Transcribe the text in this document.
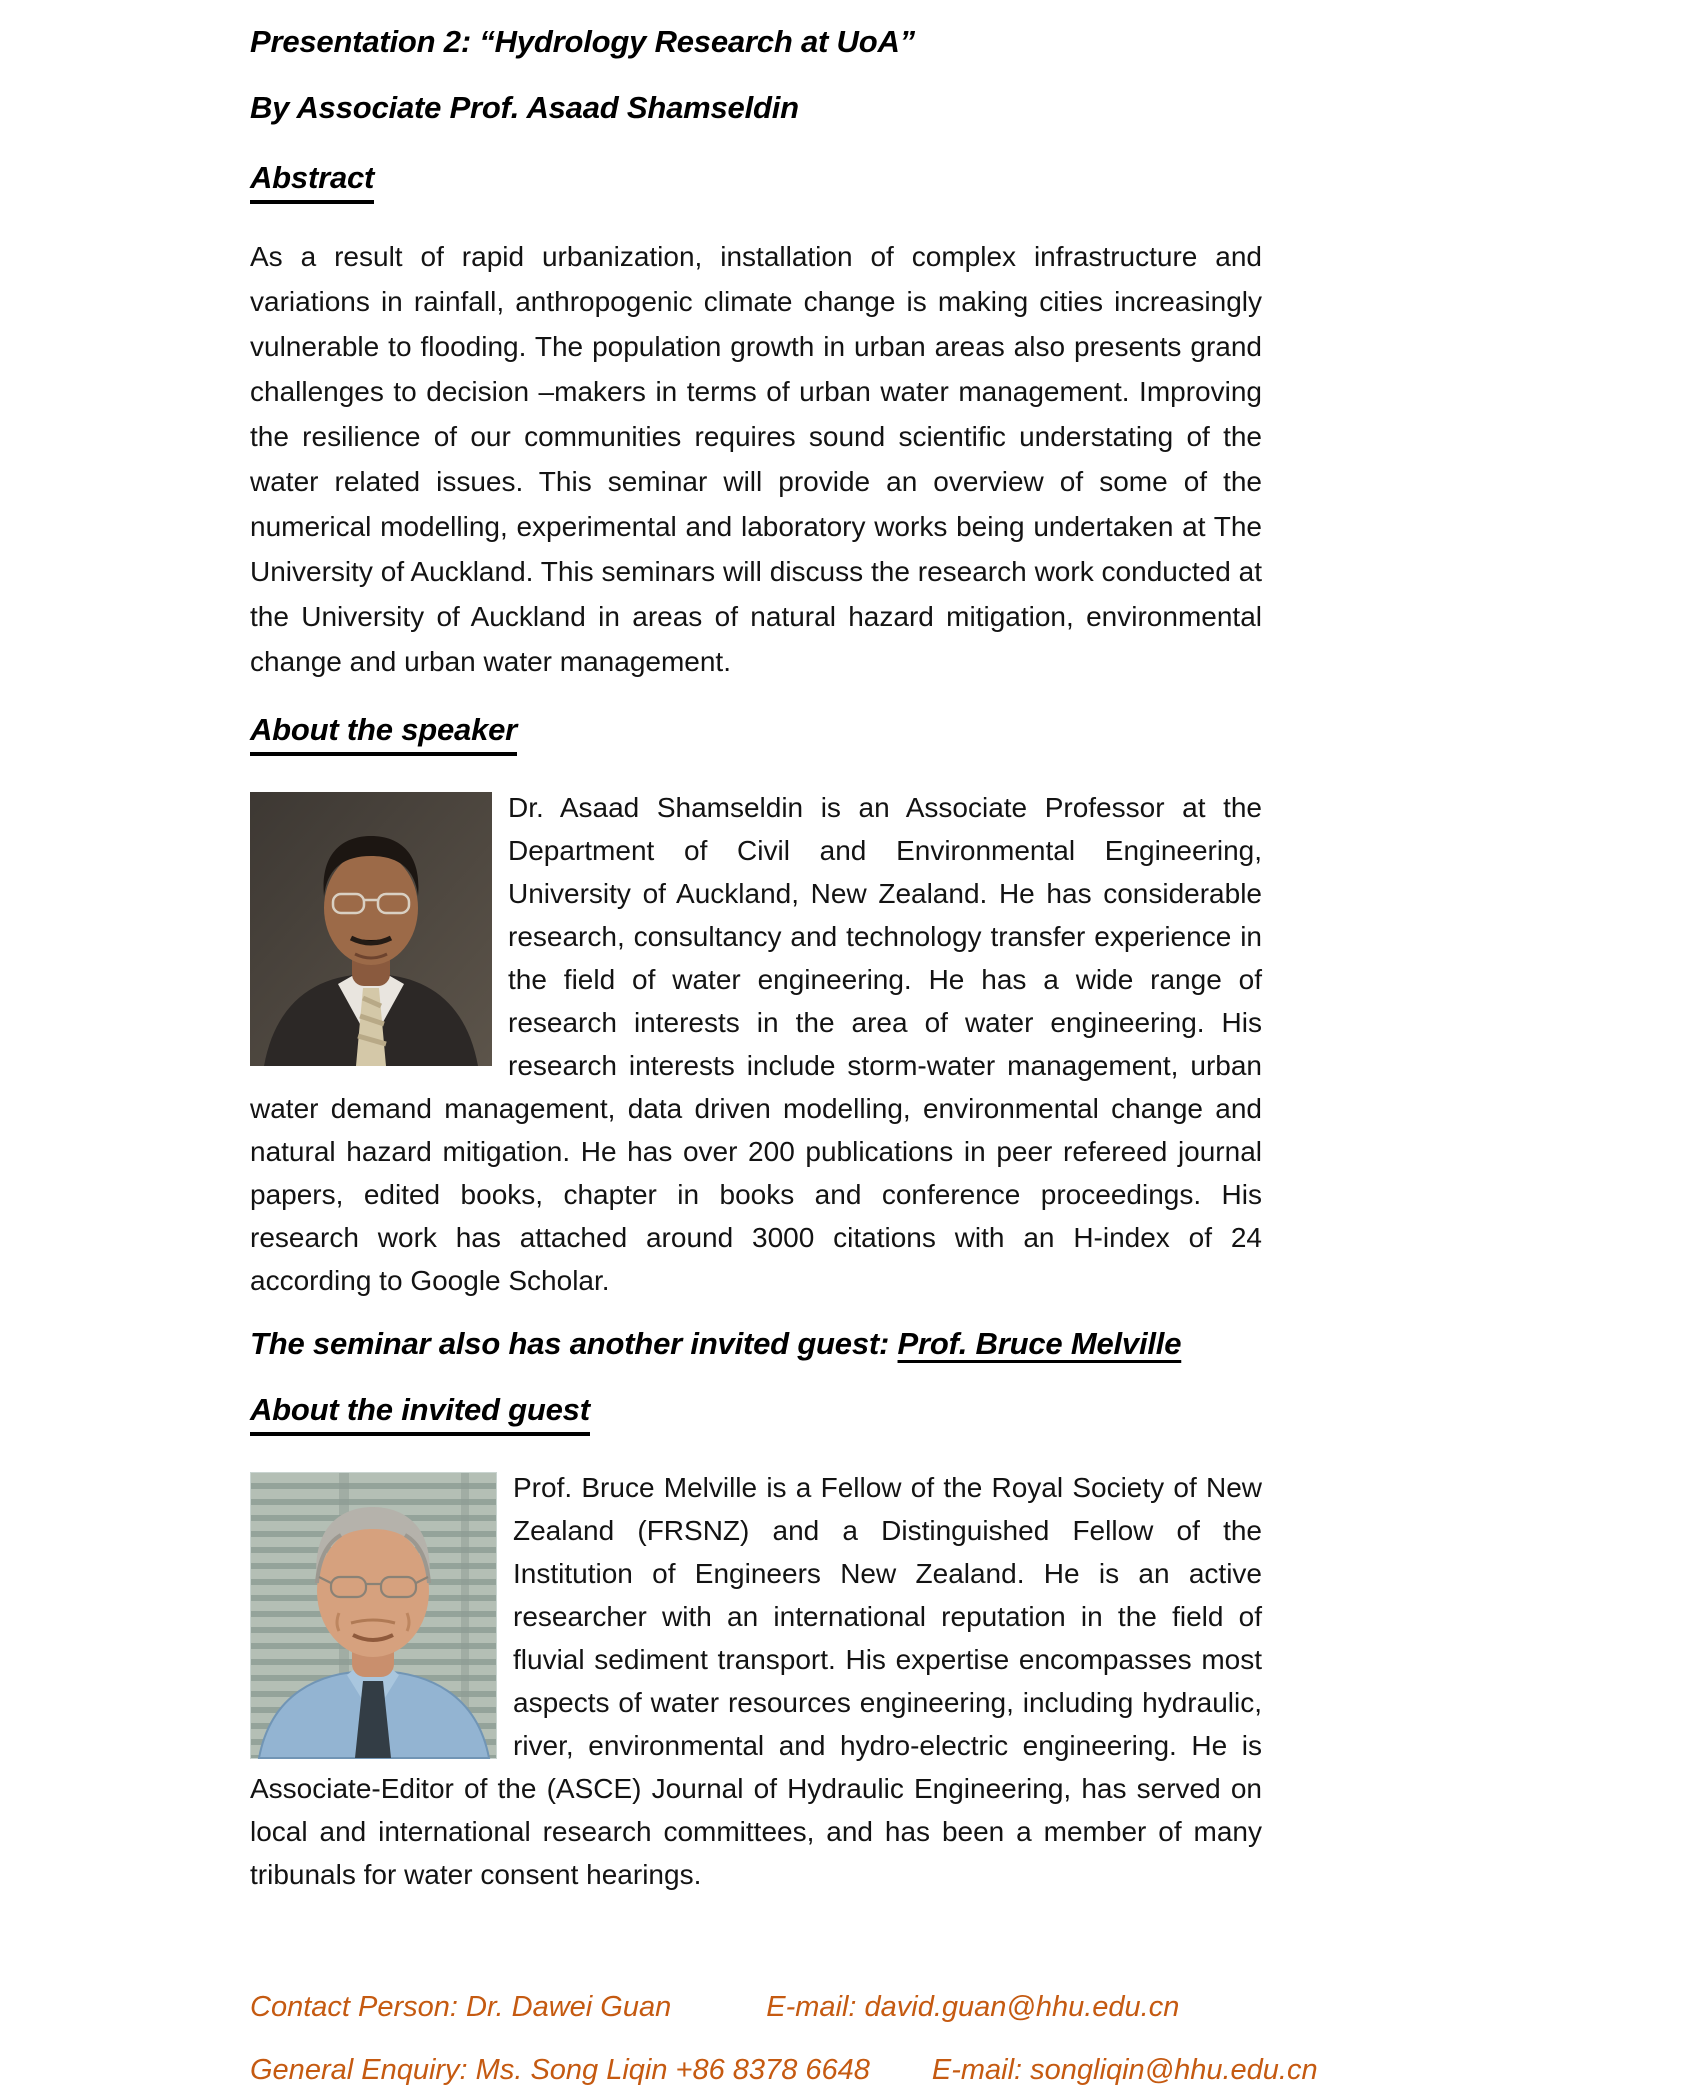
Presentation 2: “Hydrology Research at UoA”
By Associate Prof. Asaad Shamseldin
Abstract

As a result of rapid urbanization, installation of complex infrastructure and variations in rainfall, anthropogenic climate change is making cities increasingly vulnerable to flooding. The population growth in urban areas also presents grand challenges to decision –makers in terms of urban water management. Improving the resilience of our communities requires sound scientific understating of the water related issues. This seminar will provide an overview of some of the numerical modelling, experimental and laboratory works being undertaken at The University of Auckland. This seminars will discuss the research work conducted at the University of Auckland in areas of natural hazard mitigation, environmental change and urban water management.

About the speaker
Dr. Asaad Shamseldin is an Associate Professor at the Department of Civil and Environmental Engineering, University of Auckland, New Zealand. He has considerable research, consultancy and technology transfer experience in the field of water engineering. He has a wide range of research interests in the area of water engineering. His research interests include storm-water management, urban water demand management, data driven modelling, environmental change and natural hazard mitigation. He has over 200 publications in peer refereed journal papers, edited books, chapter in books and conference proceedings. His research work has attached around 3000 citations with an H-index of 24 according to Google Scholar.
The seminar also has another invited guest: Prof. Bruce Melville
About the invited guest
Prof. Bruce Melville is a Fellow of the Royal Society of New Zealand (FRSNZ) and a Distinguished Fellow of the Institution of Engineers New Zealand. He is an active researcher with an international reputation in the field of fluvial sediment transport. His expertise encompasses most aspects of water resources engineering, including hydraulic, river, environmental and hydro-electric engineering. He is Associate-Editor of the (ASCE) Journal of Hydraulic Engineering, has served on local and international research committees, and has been a member of many tribunals for water consent hearings.

Contact Person: Dr. Dawei Guan	E-mail: david.guan@hhu.edu.cn

General Enquiry: Ms. Song Liqin +86 8378 6648 E-mail: songliqin@hhu.edu.cn
